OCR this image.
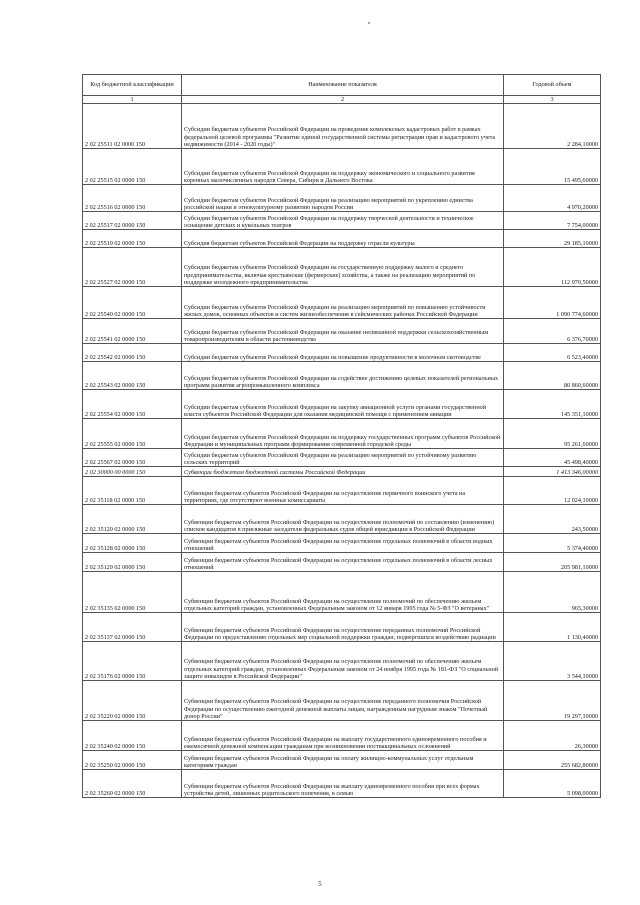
Код бюджетной классификации	Наименование показателя	Годовой объем
1	2	3
2 02 25511 02 0000 150	Субсидии бюджетам субъектов Российской Федерации на проведение комплексных кадастровых работ в рамках федеральной целевой программы "Развитие единой государственной системы регистрации прав и кадастрового учета недвижимости (2014 - 2020 годы)"	2 284,10000
2 02 25515 02 0000 150	Субсидии бюджетам субъектов Российской Федерации на поддержку экономического и социального развития коренных малочисленных народов Севера, Сибири и Дальнего Востока	15 495,60000
2 02 25516 02 0000 150	Субсидии бюджетам субъектов Российской Федерации на реализацию мероприятий по укреплению единства российской нации и этнокультурному развитию народов России	4 970,20000
2 02 25517 02 0000 150	Субсидии бюджетам субъектов Российской Федерации на поддержку творческой деятельности и техническое оснащение детских и кукольных театров	7 754,00000
2 02 25519 02 0000 150	Субсидия бюджетам субъектов Российской Федерации на поддержку отрасли культуры	29 185,10000
2 02 25527 02 0000 150	Субсидии бюджетам субъектов Российской Федерации на государственную поддержку малого и среднего предпринимательства, включая крестьянские (фермерские) хозяйства, а также на реализацию мероприятий по поддержке молодежного предпринимательства	112 970,50000
2 02 25540 02 0000 150	Субсидии бюджетам субъектов Российской Федерации на реализацию мероприятий по повышению устойчивости жилых домов, основных объектов и систем жизнеобеспечения в сейсмических районах Российской Федерации	1 090 774,60000
2 02 25541 02 0000 150	Субсидии бюджетам субъектов Российской Федерации на оказание несвязанной поддержки сельскохозяйственным товаропроизводителям в области растениеводства	6 376,70000
2 02 25542 02 0000 150	Субсидии бюджетам субъектов Российской Федерации на повышение продуктивности в молочном скотоводстве	6 523,40000
2 02 25543 02 0000 150	Субсидии бюджетам субъектов Российской Федерации на содействие достижению целевых показателей региональных программ развития агропромышленного комплекса	80 860,60000
2 02 25554 02 0000 150	Субсидии бюджетам субъектов Российской Федерации на закупку авиационной услуги органами государственной власти субъектов Российской Федерации для оказания медицинской помощи с применением авиации	145 351,10000
2 02 25555 02 0000 150	Субсидии бюджетам субъектов Российской Федерации на поддержку государственных программ субъектов Российской Федерации и муниципальных программ формирования современной городской среды	95 261,60000
2 02 25567 02 0000 150	Субсидии бюджетам субъектов Российской Федерации на реализацию мероприятий по устойчивому развитию сельских территорий	45 498,40000
2 02 30000 00 0000 150	Субвенции бюджетам бюджетной системы Российской Федерации	1 413 346,00000
2 02 35118 02 0000 150	Субвенции бюджетам субъектов Российской Федерации на осуществление первичного воинского учета на территориях, где отсутствуют военные комиссариаты	12 024,10000
2 02 35120 02 0000 150	Субвенции бюджетам субъектов Российской Федерации на осуществление полномочий по составлению (изменению) списков кандидатов в присяжные заседатели федеральных судов общей юрисдикции в Российской Федерации	243,50000
2 02 35128 02 0000 150	Субвенции бюджетам субъектов Российской Федерации на осуществление отдельных полномочий в области водных отношений	5 374,40000
2 02 35129 02 0000 150	Субвенции бюджетам субъектов Российской Федерации на осуществление отдельных полномочий в области лесных отношений	205 981,10000
2 02 35135 02 0000 150	Субвенции бюджетам субъектов Российской Федерации на осуществление полномочий по обеспечению жильем отдельных категорий граждан, установленных Федеральным законом от 12 января 1995 года № 5-ФЗ "О ветеранах"	965,30000
2 02 35137 02 0000 150	Субвенции бюджетам субъектов Российской Федерации на осуществление переданных полномочий Российской Федерации по предоставлению отдельных мер социальной поддержки граждан, подвергшихся воздействию радиации	1 130,40000
2 02 35176 02 0000 150	Субвенции бюджетам субъектов Российской Федерации на осуществление полномочий по обеспечению жильем отдельных категорий граждан, установленных Федеральным законом от 24 ноября 1995 года № 181-ФЗ "О социальной защите инвалидов в Российской Федерации"	3 544,10000
2 02 35220 02 0000 150	Субвенции бюджетам субъектов Российской Федерации на осуществление переданного полномочия Российской Федерации по осуществлению ежегодной денежной выплаты лицам, награжденным нагрудным знаком "Почетный донор России"	19 297,10000
2 02 35240 02 0000 150	Субвенции бюджетам субъектов Российской Федерации на выплату государственного единовременного пособия и ежемесячной денежной компенсации гражданам при возникновении поствакцинальных осложнений	26,30000
2 02 35250 02 0000 150	Субвенции бюджетам субъектов Российской Федерации на оплату жилищно-коммунальных услуг отдельным категориям граждан	255 682,80000
2 02 35260 02 0000 150	Субвенции бюджетам субъектов Российской Федерации на выплату единовременного пособия при всех формах устройства детей, лишенных родительского попечения, в семью	5 098,00000
5
